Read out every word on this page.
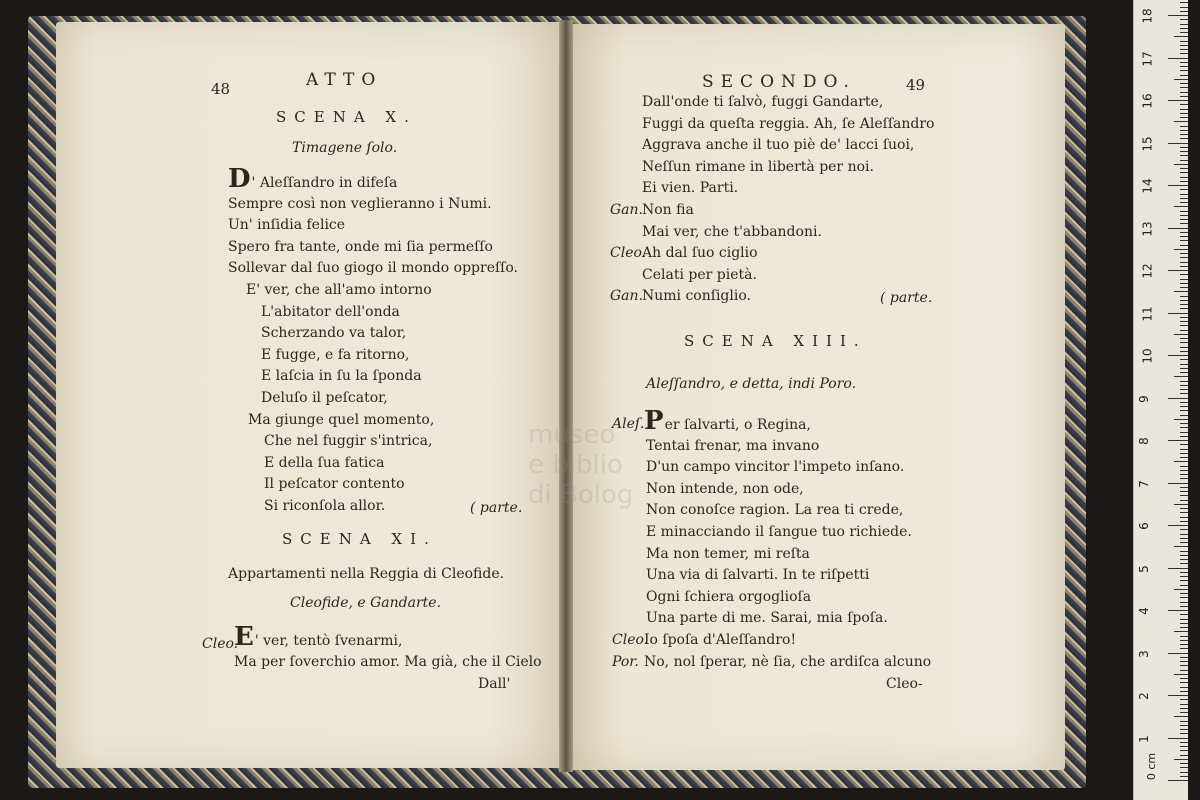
48	ATTO
SCENA X.
Timagene ſolo.
D' Aleſſandro in difeſa
Sempre così non veglieranno i Numi.
Un' inſidia felice
Spero fra tante, onde mi ſia permeſſo
Sollevar dal ſuo giogo il mondo oppreſſo.
E' ver, che all'amo intorno
L'abitator dell'onda
Scherzando va talor,
E fugge, e fa ritorno,
E laſcia in ſu la ſponda
Deluſo il peſcator,
Ma giunge quel momento,
Che nel fuggir s'intrica,
E della ſua fatica
Il peſcator contento
Si riconſola allor.	( parte.
SCENA XI.
Appartamenti nella Reggia di Cleofide.
Cleofide, e Gandarte.
Cleo.
E' ver, tentò ſvenarmi,
Ma per ſoverchio amor. Ma già, che il Cielo
Dall'
SECONDO.	49
Dall'onde ti ſalvò, fuggi Gandarte,
Fuggi da queſta reggia. Ah, ſe Aleſſandro
Aggrava anche il tuo piè de' lacci ſuoi,
Neſſun rimane in libertà per noi.
Ei vien. Parti.
Gan. Non fia
Mai ver, che t'abbandoni.
Cleo.
Ah dal ſuo ciglio
Celati per pietà.
Gan. Numi conſiglio.	( parte.
SCENA XIII.
Aleſſandro, e detta, indi Poro.
Aleſ. Per ſalvarti, o Regina,
Tentai frenar, ma invano
D'un campo vincitor l'impeto inſano.
Non intende, non ode,
Non conoſce ragion. La rea ti crede,
E minacciando il ſangue tuo richiede.
Ma non temer, mi reſta
Una via di ſalvarti. In te riſpetti
Ogni ſchiera orgoglioſa
Una parte di me. Sarai, mia ſpoſa.
Cleo.
Io ſpoſa d'Aleſſandro!
Por. No, nol ſperar, nè ſia, che ardiſca alcuno
Cleo-
museo
e biblio
di Bolog
0 cm
1
2
3
4
5
6
7
8
9
10
11
12
13
14
15
16
17
18
